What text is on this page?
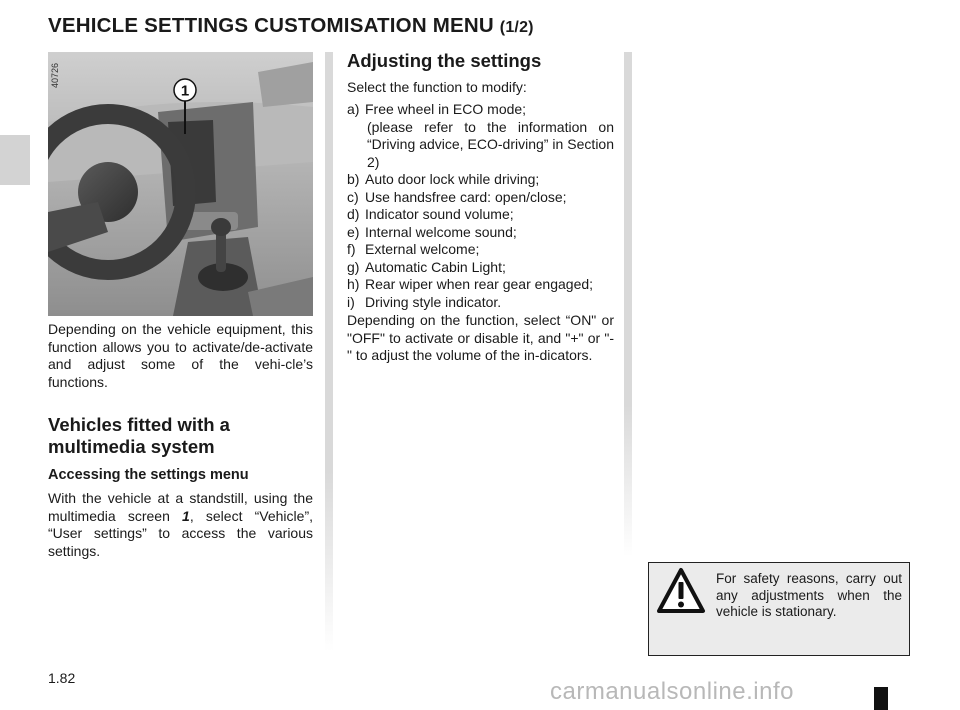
VEHICLE SETTINGS CUSTOMISATION MENU (1/2)
1
40726

Depending on the vehicle equipment, this function allows you to activate/de-activate and adjust some of the vehi-cle’s functions.

Vehicles fitted with a multimedia system
Accessing the settings menu

With the vehicle at a standstill, using the multimedia screen 1, select “Vehicle”, “User settings” to access the various settings.

Adjusting the settings

Select the function to modify:

a) Free wheel in ECO mode;
(please refer to the information on “Driving advice, ECO-driving” in Section 2)
b) Auto door lock while driving;
c) Use handsfree card: open/close;
d) Indicator sound volume;
e) Internal welcome sound;
f) External welcome;
g) Automatic Cabin Light;
h) Rear wiper when rear gear engaged;
i) Driving style indicator.

Depending on the function, select “ON" or "OFF" to activate or disable it, and "+" or "-" to adjust the volume of the in-dicators.

For safety reasons, carry out any adjustments when the vehicle is stationary.
1.82	carmanualsonline.info
